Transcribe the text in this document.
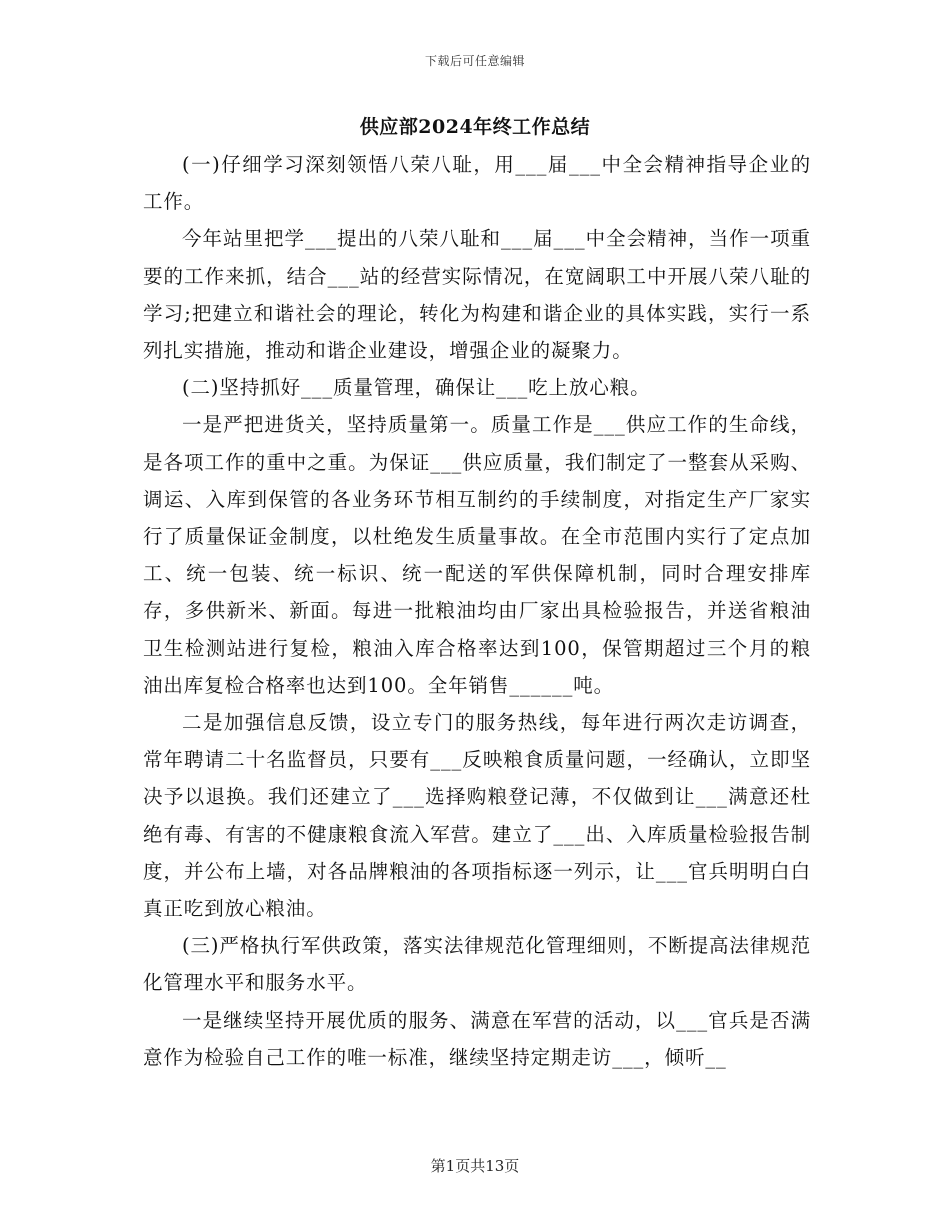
下载后可任意编辑
供应部2024年终工作总结

(一)仔细学习深刻领悟八荣八耻，用___届___中全会精神指导企业的工作。

今年站里把学___提出的八荣八耻和___届___中全会精神，当作一项重要的工作来抓，结合___站的经营实际情况，在宽阔职工中开展八荣八耻的学习;把建立和谐社会的理论，转化为构建和谐企业的具体实践，实行一系列扎实措施，推动和谐企业建设，增强企业的凝聚力。

(二)坚持抓好___质量管理，确保让___吃上放心粮。

一是严把进货关，坚持质量第一。质量工作是___供应工作的生命线，是各项工作的重中之重。为保证___供应质量，我们制定了一整套从采购、调运、入库到保管的各业务环节相互制约的手续制度，对指定生产厂家实行了质量保证金制度，以杜绝发生质量事故。在全市范围内实行了定点加工、统一包装、统一标识、统一配送的军供保障机制，同时合理安排库存，多供新米、新面。每进一批粮油均由厂家出具检验报告，并送省粮油卫生检测站进行复检，粮油入库合格率达到100，保管期超过三个月的粮油出库复检合格率也达到100。全年销售______吨。

二是加强信息反馈，设立专门的服务热线，每年进行两次走访调查，常年聘请二十名监督员，只要有___反映粮食质量问题，一经确认，立即坚决予以退换。我们还建立了___选择购粮登记薄，不仅做到让___满意还杜绝有毒、有害的不健康粮食流入军营。建立了___出、入库质量检验报告制度，并公布上墙，对各品牌粮油的各项指标逐一列示，让___官兵明明白白真正吃到放心粮油。

(三)严格执行军供政策，落实法律规范化管理细则，不断提高法律规范化管理水平和服务水平。

一是继续坚持开展优质的服务、满意在军营的活动，以___官兵是否满意作为检验自己工作的唯一标准，继续坚持定期走访___，倾听__

第1页共13页
